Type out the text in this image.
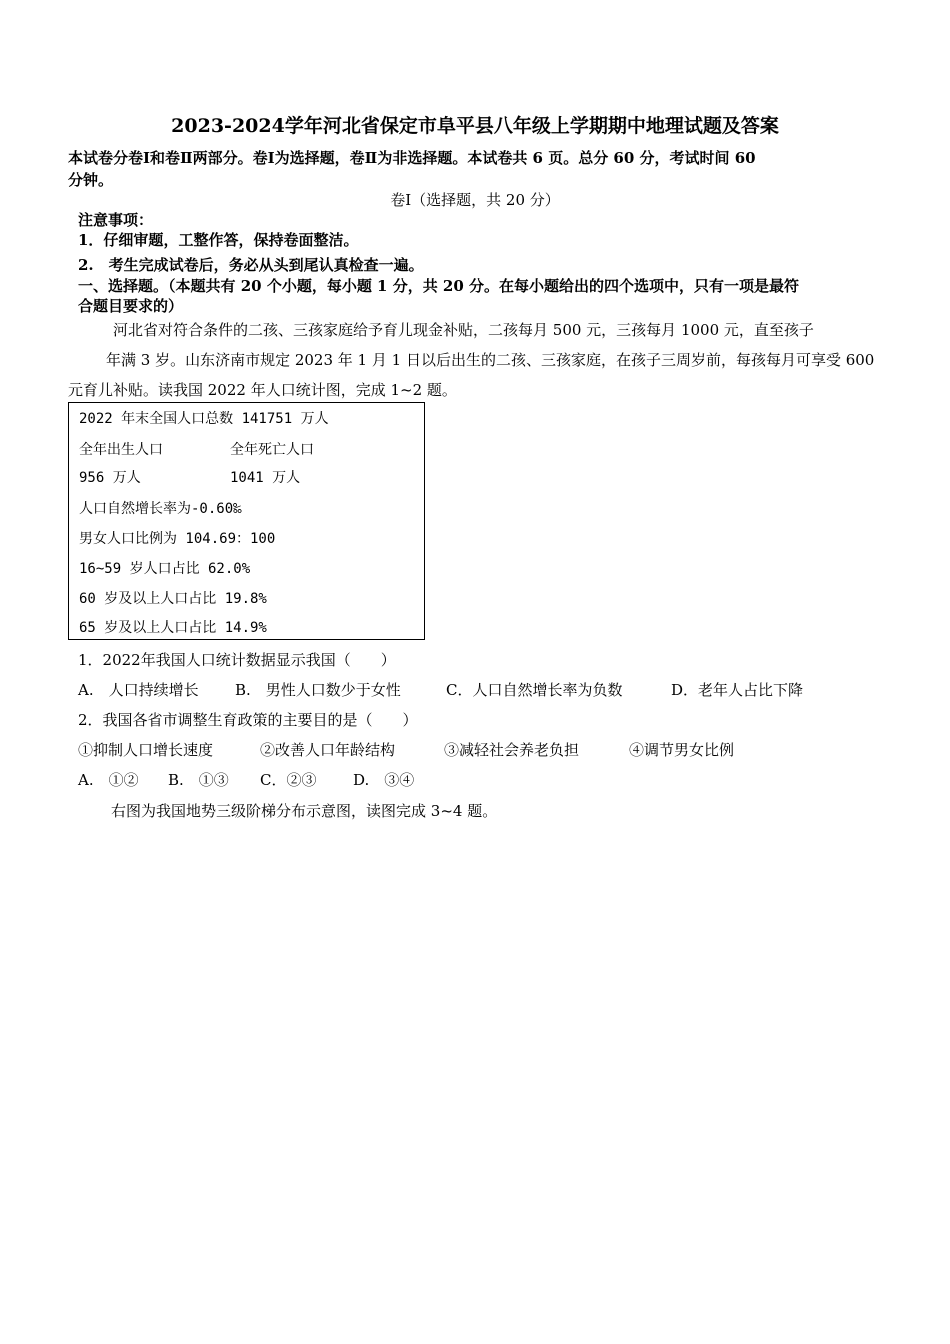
2023-2024学年河北省保定市阜平县八年级上学期期中地理试题及答案
本试卷分卷Ⅰ和卷Ⅱ两部分。卷Ⅰ为选择题，卷Ⅱ为非选择题。本试卷共 6 页。总分 60 分，考试时间 60
分钟。
卷Ⅰ（选择题，共 20 分）
注意事项：
1．仔细审题，工整作答，保持卷面整洁。
2.　考生完成试卷后，务必从头到尾认真检查一遍。
一、选择题。（本题共有 20 个小题，每小题 1 分，共 20 分。在每小题给出的四个选项中，只有一项是最符
合题目要求的）
河北省对符合条件的二孩、三孩家庭给予育儿现金补贴，二孩每月 500 元，三孩每月 1000 元，直至孩子
年满 3 岁。山东济南市规定 2023 年 1 月 1 日以后出生的二孩、三孩家庭，在孩子三周岁前，每孩每月可享受 600
元育儿补贴。读我国 2022 年人口统计图，完成 1~2 题。
2022 年末全国人口总数 141751 万人
全年出生人口	全年死亡人口
956 万人	1041 万人
人口自然增长率为-0.60‰
男女人口比例为 104.69：100
16~59 岁人口占比 62.0%
60 岁及以上人口占比 19.8%
65 岁及以上人口占比 14.9%
1．2022年我国人口统计数据显示我国（　　）
A.　人口持续增长 B.　男性人口数少于女性	C．人口自然增长率为负数	D．老年人占比下降
2．我国各省市调整生育政策的主要目的是（　　）
①抑制人口增长速度	②改善人口年龄结构	③减轻社会养老负担	④调节男女比例
A.　①② B.　①③ C．②③ D.　③④
右图为我国地势三级阶梯分布示意图，读图完成 3~4 题。
